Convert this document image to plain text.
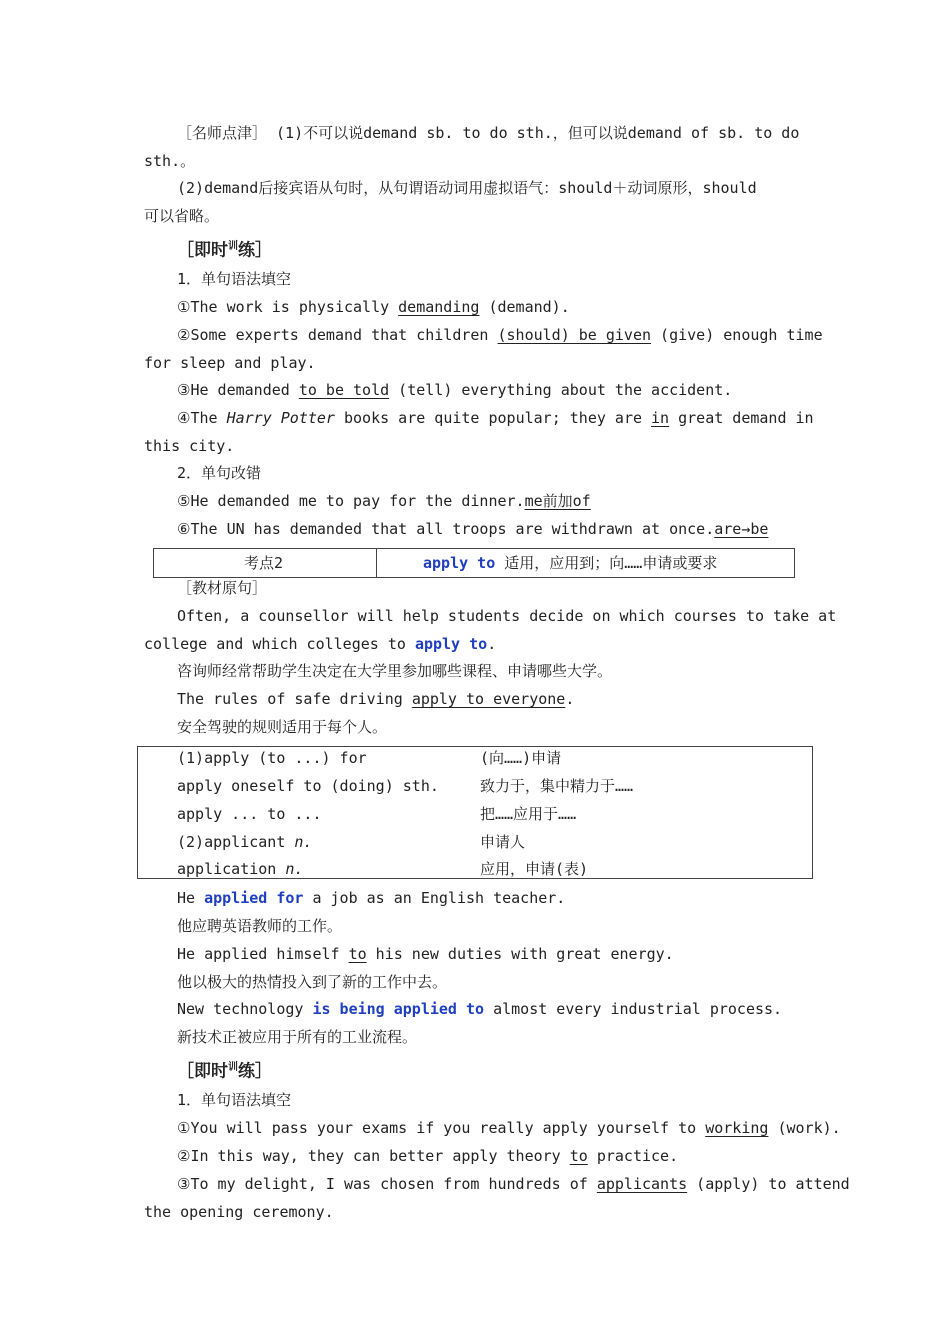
［名师点津］ (1)不可以说demand sb. to do sth.，但可以说demand of sb. to do
sth.。
(2)demand后接宾语从句时，从句谓语动词用虚拟语气：should＋动词原形，should
可以省略。
［即时$^训$练］
1．单句语法填空
①The work is physically demanding (demand).
②Some experts demand that children (should) be given (give) enough time
for sleep and play.
③He demanded to be told (tell) everything about the accident.
④The Harry Potter books are quite popular; they are in great demand in
this city.
2．单句改错
⑤He demanded me to pay for the dinner.me前加of
⑥The UN has demanded that all troops are withdrawn at once.are→be
考点2	apply to 适用，应用到；向……申请或要求
［教材原句］
Often, a counsellor will help students decide on which courses to take at
college and which colleges to apply to.
咨询师经常帮助学生决定在大学里参加哪些课程、申请哪些大学。
The rules of safe driving apply to everyone.
安全驾驶的规则适用于每个人。
(1)apply (to ...) for	(向……)申请
apply oneself to (doing) sth.	致力于，集中精力于……
apply ... to ...	把……应用于……
(2)applicant n.	申请人
application n.	应用，申请(表)
He applied for a job as an English teacher.
他应聘英语教师的工作。
He applied himself to his new duties with great energy.
他以极大的热情投入到了新的工作中去。
New technology is being applied to almost every industrial process.
新技术正被应用于所有的工业流程。
［即时$^训$练］
1．单句语法填空
①You will pass your exams if you really apply yourself to working (work).
②In this way, they can better apply theory to practice.
③To my delight, I was chosen from hundreds of applicants (apply) to attend
the opening ceremony.
